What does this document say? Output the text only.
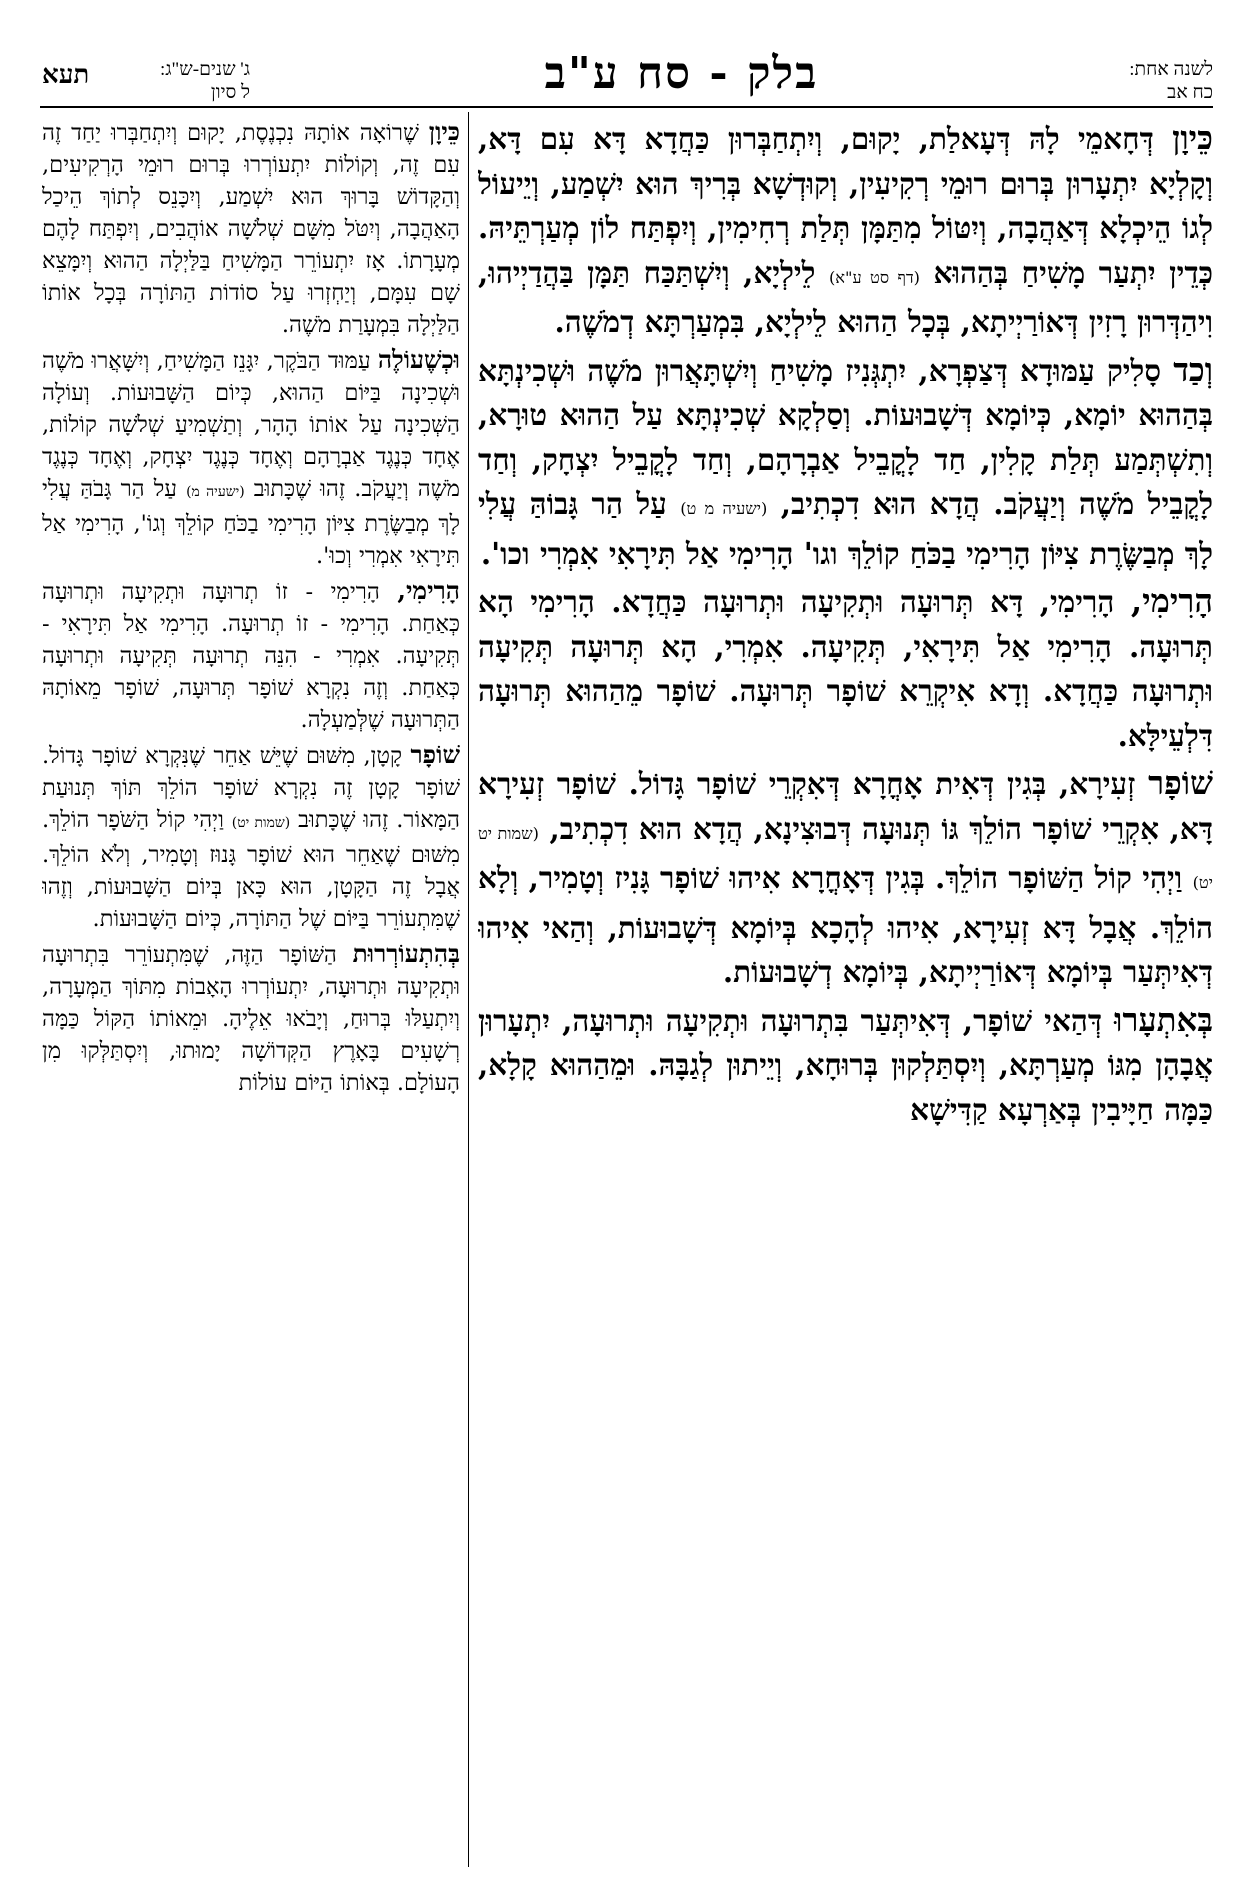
לשנה אחת:
כח אב
בלק - סח ע"ב
ג' שנים-ש"ג:
ל סיון
תעא

כֵּיוָן דְּחָאמֵי לָהּ דְּעָאלַת, יָקוּם, וְיִתְחַבְּרוּן כַּחֲדָא דָּא עִם דָּא, וְקָלְיָא יִתְעָרוּן בְּרוּם רוּמֵי רְקִיעִין, וְקוּדְשָׁא בְּרִיךְ הוּא יִשְׁמַע, וְיֵיעוֹל לְגוֹ הֵיכְלָא דְּאַהֲבָה, וְיִטּוֹל מִתַּמָּן תְּלַת רְחִימִין, וְיִפְתַּח לוֹן מְעַרְתֵּיהּ. כְּדֵין יִתְעַר מָשִׁיחַ בְּהַהוּא (דף סט ע"א) לֵילְיָא, וְיִשְׁתַּכַּח תַּמָּן בַּהֲדַיְיהוּ, וִיהַדְּרוּן רָזִין דְּאוֹרַיְיתָא, בְּכָל הַהוּא לֵילְיָא, בִּמְעַרְתָּא דְמֹשֶׁה.

וְכַד סָלִיק עַמּוּדָא דְּצַפְרָא, יִתְגְּנִיז מָשִׁיחַ וְיִשְׁתָּאֲרוּן מֹשֶׁה וּשְׁכִינְתָּא בְּהַהוּא יוֹמָא, כְּיוֹמָא דְּשָׁבוּעוֹת. וְסַלְקָא שְׁכִינְתָּא עַל הַהוּא טוּרָא, וְתִשְׁתְּמַע תְּלַת קָלִין, חַד לָקֳבֵיל אַבְרָהָם, וְחַד לָקֳבֵיל יִצְחָק, וְחַד לָקֳבֵיל מֹשֶׁה וְיַעֲקֹב. הֲדָא הוּא דִכְתִיב, (ישעיה מ ט) עַל הַר גָּבוֹהַּ עֲלִי לָךְ מְבַשֶּׂרֶת צִיּוֹן הָרִימִי בַכֹּחַ קוֹלֵךְ וגו' הָרִימִי אַל תִּירָאִי אִמְרִי וכו'.

הָרִימִי, הָרִימִי, דָּא תְּרוּעָה וּתְקִיעָה וּתְרוּעָה כַּחֲדָא. הָרִימִי הָא תְּרוּעָה. הָרִימִי אַל תִּירָאִי, תְּקִיעָה. אִמְרִי, הָא תְּרוּעָה תְּקִיעָה וּתְרוּעָה כַּחֲדָא. וְדָא אִיקְרֵא שׁוֹפָר תְּרוּעָה. שׁוֹפָר מֵהַהוּא תְּרוּעָה דִּלְעֵילָּא.

שׁוֹפָר זְעִירָא, בְּגִין דְּאִית אָחֳרָא דְּאִקְרֵי שׁוֹפָר גָּדוֹל. שׁוֹפָר זְעִירָא דָּא, אִקְרֵי שׁוֹפָר הוֹלֵךְ גּוֹ תְּנוּעָה דְּבוּצִינָא, הֲדָא הוּא דִכְתִיב, (שמות יט יט) וַיְהִי קוֹל הַשּׁוֹפָר הוֹלֵךְ. בְּגִין דְּאָחֳרָא אִיהוּ שׁוֹפָר גָּנִיז וְטָמִיר, וְלָא הוֹלֵךְ. אֲבָל דָּא זְעִירָא, אִיהוּ לְהָכָא בְּיוֹמָא דְּשָׁבוּעוֹת, וְהַאי אִיהוּ דְּאִיתְּעַר בְּיוֹמָא דְּאוֹרַיְיתָא, בְּיוֹמָא דְשָׁבוּעוֹת.

בְּאִתְעָרוּ דְּהַאי שׁוֹפָר, דְּאִיתְּעַר בִּתְרוּעָה וּתְקִיעָה וּתְרוּעָה, יִתְעָרוּן אֲבָהָן מִגּוֹ מְעַרְתָּא, וְיִסְתַּלְקוּן בְּרוּחָא, וְיֵיתוּן לְגַבָּהּ. וּמֵהַהוּא קָלָא, כַּמָּה חַיָּיבִין בְּאַרְעָא קַדִּישָׁא

כֵּיוָן שֶׁרוֹאָה אוֹתָהּ נִכְנֶסֶת, יָקוּם וְיִתְחַבְּרוּ יַחַד זֶה עִם זֶה, וְקוֹלוֹת יִתְעוֹרְרוּ בְּרוּם רוּמֵי הָרְקִיעִים, וְהַקָּדוֹשׁ בָּרוּךְ הוּא יִשְׁמַע, וְיִכָּנֵס לְתוֹךְ הֵיכַל הָאַהֲבָה, וְיִטֹּל מִשָּׁם שְׁלֹשָׁה אוֹהֲבִים, וְיִפְתַּח לָהֶם מְעָרָתוֹ. אָז יִתְעוֹרֵר הַמָּשִׁיחַ בַּלַּיְלָה הַהוּא וְיִמָּצֵא שָׁם עִמָּם, וְיַחְזְרוּ עַל סוֹדוֹת הַתּוֹרָה בְּכָל אוֹתוֹ הַלַּיְלָה בִּמְעָרַת מֹשֶׁה.

וּכְשֶׁעוֹלֶה עַמּוּד הַבֹּקֶר, יִגָּנֵז הַמָּשִׁיחַ, וְיִשָּׁאֲרוּ מֹשֶׁה וּשְׁכִינָה בַּיּוֹם הַהוּא, כְּיוֹם הַשָּׁבוּעוֹת. וְעוֹלָה הַשְּׁכִינָה עַל אוֹתוֹ הָהָר, וְתַשְׁמִיעַ שְׁלֹשָׁה קוֹלוֹת, אֶחָד כְּנֶגֶד אַבְרָהָם וְאֶחָד כְּנֶגֶד יִצְחָק, וְאֶחָד כְּנֶגֶד מֹשֶׁה וְיַעֲקֹב. זֶהוּ שֶׁכָּתוּב (ישעיה מ) עַל הַר גָּבֹהַּ עֲלִי לָךְ מְבַשֶּׂרֶת צִיּוֹן הָרִימִי בַכֹּחַ קוֹלֵךְ וְגוֹ', הָרִימִי אַל תִּירָאִי אִמְרִי וְכוּ'.

הָרִימִי, הָרִימִי - זוֹ תְרוּעָה וּתְקִיעָה וּתְרוּעָה כְּאַחַת. הָרִימִי - זוֹ תְרוּעָה. הָרִימִי אַל תִּירָאִי - תְּקִיעָה. אִמְרִי - הִנֵּה תְרוּעָה תְּקִיעָה וּתְרוּעָה כְּאַחַת. וְזֶה נִקְרָא שׁוֹפָר תְּרוּעָה, שׁוֹפָר מֵאוֹתָהּ הַתְּרוּעָה שֶׁלְּמַעְלָה.

שׁוֹפָר קָטָן, מִשּׁוּם שֶׁיֵּשׁ אַחֵר שֶׁנִּקְרָא שׁוֹפָר גָּדוֹל. שׁוֹפָר קָטָן זֶה נִקְרָא שׁוֹפָר הוֹלֵךְ תּוֹךְ תְּנוּעַת הַמָּאוֹר. זֶהוּ שֶׁכָּתוּב (שמות יט) וַיְהִי קוֹל הַשֹּׁפָר הוֹלֵךְ. מִשּׁוּם שֶׁאַחֵר הוּא שׁוֹפָר גָּנוּז וְטָמִיר, וְלֹא הוֹלֵךְ. אֲבָל זֶה הַקָּטָן, הוּא כָּאן בְּיוֹם הַשָּׁבוּעוֹת, וְזֶהוּ שֶׁמִּתְעוֹרֵר בַּיּוֹם שֶׁל הַתּוֹרָה, כְּיוֹם הַשָּׁבוּעוֹת.

בְּהִתְעוֹרְרוּת הַשּׁוֹפָר הַזֶּה, שֶׁמִּתְעוֹרֵר בִּתְרוּעָה וּתְקִיעָה וּתְרוּעָה, יִתְעוֹרְרוּ הָאָבוֹת מִתּוֹךְ הַמְּעָרָה, וְיִתְעַלּוּ בְּרוּחַ, וְיָבֹאוּ אֵלֶיהָ. וּמֵאוֹתוֹ הַקּוֹל כַּמָּה רְשָׁעִים בָּאָרֶץ הַקְּדוֹשָׁה יָמוּתוּ, וְיִסְתַּלְּקוּ מִן הָעוֹלָם. בְּאוֹתוֹ הַיּוֹם עוֹלוֹת
